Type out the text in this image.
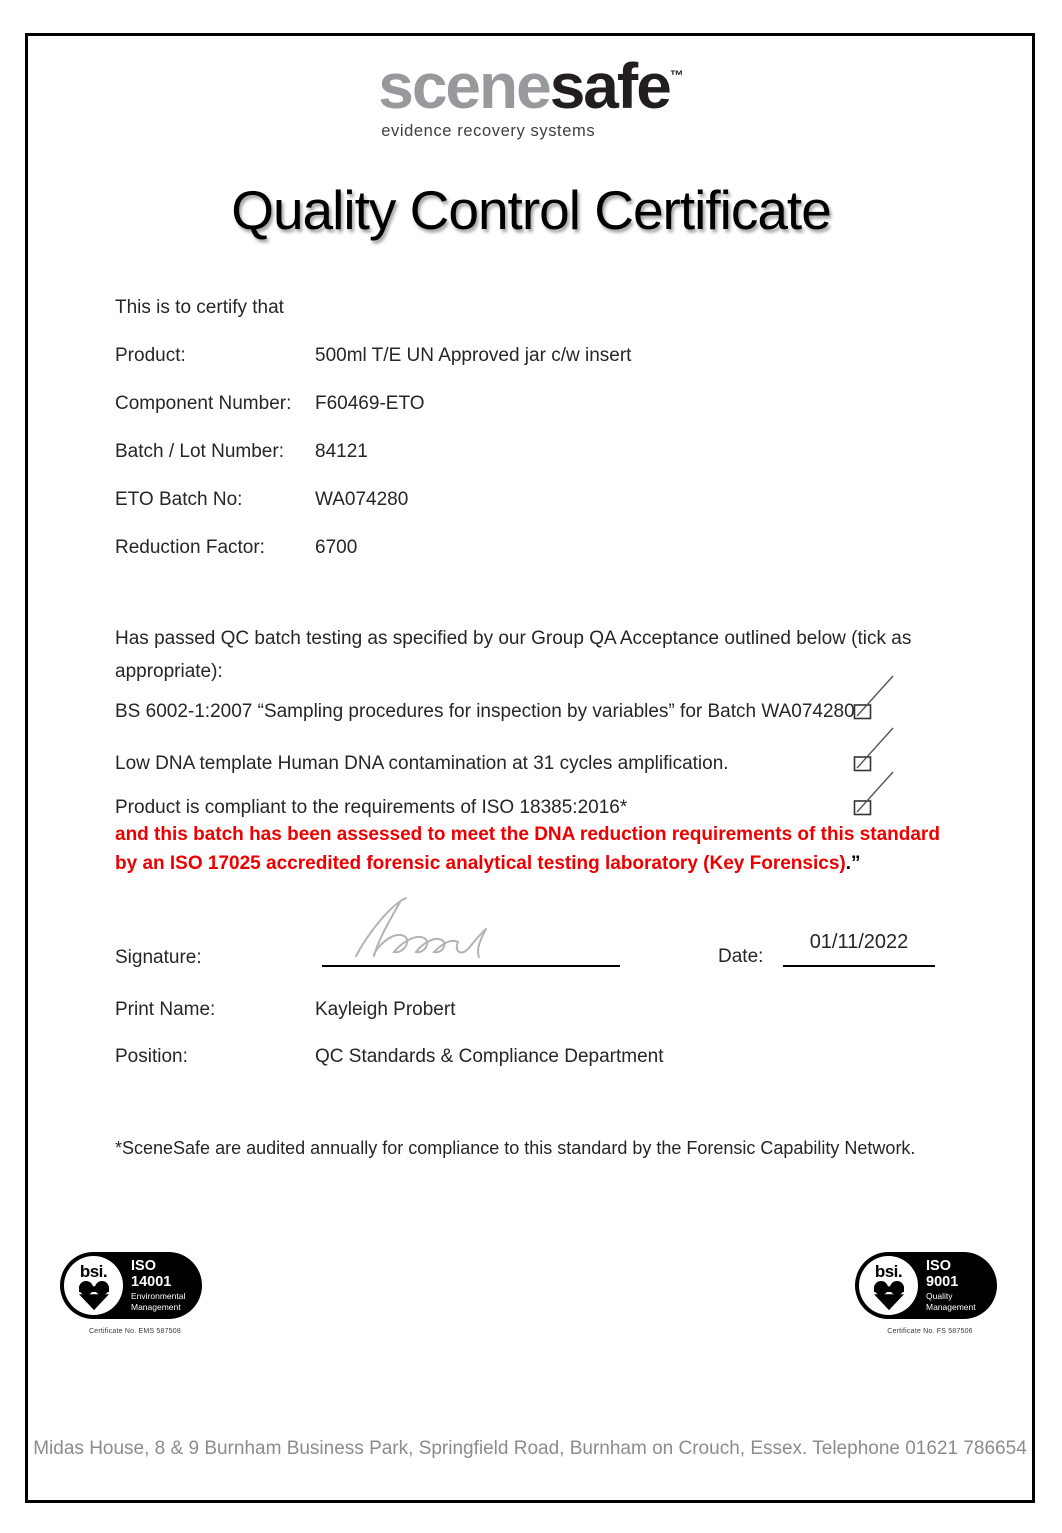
scenesafe™
evidence recovery systems
Quality Control Certificate
This is to certify that
Product:	500ml T/E UN Approved jar c/w insert
Component Number: F60469-ETO
Batch / Lot Number: 84121
ETO Batch No:	WA074280
Reduction Factor:	6700
Has passed QC batch testing as specified by our Group QA Acceptance outlined below (tick as appropriate):
BS 6002-1:2007 “Sampling procedures for inspection by variables” for Batch WA074280
Low DNA template Human DNA contamination at 31 cycles amplification.
Product is compliant to the requirements of ISO 18385:2016*
and this batch has been assessed to meet the DNA reduction requirements of this standard by an ISO 17025 accredited forensic analytical testing laboratory (Key Forensics).”
Signature:	Date:
01/11/2022
Print Name:	Kayleigh Probert
Position:	QC Standards & Compliance Department
*SceneSafe are audited annually for compliance to this standard by the Forensic Capability Network.
bsi.	ISO
14001
Environmental
Management
Certificate No. EMS 587508
bsi.	ISO
9001
Quality
Management
Certificate No. FS 587506
Midas House, 8 & 9 Burnham Business Park, Springfield Road, Burnham on Crouch, Essex. Telephone 01621 786654
